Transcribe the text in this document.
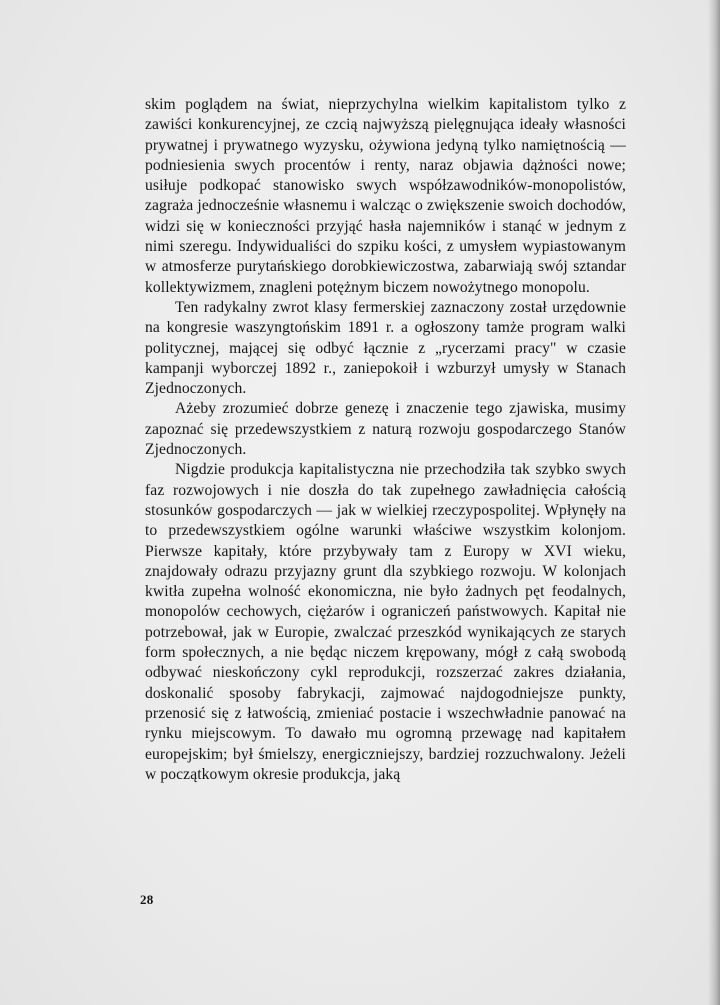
skim poglądem na świat, nieprzychylna wielkim kapitalistom tylko z zawiści konkurencyjnej, ze czcią najwyższą pielęgnująca ideały własności prywatnej i prywatnego wyzysku, ożywiona jedyną tylko namiętnością — podniesienia swych procentów i renty, naraz objawia dążności nowe; usiłuje podkopać stanowisko swych współzawodników-monopolistów, zagraża jednocześnie własnemu i walcząc o zwiększenie swoich dochodów, widzi się w konieczności przyjąć hasła najemników i stanąć w jednym z nimi szeregu. Indywidualiści do szpiku kości, z umysłem wypiastowanym w atmosferze purytańskiego dorobkiewiczostwa, zabarwiają swój sztandar kollektywizmem, znagleni potężnym biczem nowożytnego monopolu.

Ten radykalny zwrot klasy fermerskiej zaznaczony został urzędownie na kongresie waszyngtońskim 1891 r. a ogłoszony tamże program walki politycznej, mającej się odbyć łącznie z „rycerzami pracy" w czasie kampanji wyborczej 1892 r., zaniepokoił i wzburzył umysły w Stanach Zjednoczonych.

Ażeby zrozumieć dobrze genezę i znaczenie tego zjawiska, musimy zapoznać się przedewszystkiem z naturą rozwoju gospodarczego Stanów Zjednoczonych.

Nigdzie produkcja kapitalistyczna nie przechodziła tak szybko swych faz rozwojowych i nie doszła do tak zupełnego zawładnięcia całością stosunków gospodarczych — jak w wielkiej rzeczypospolitej. Wpłynęły na to przedewszystkiem ogólne warunki właściwe wszystkim kolonjom. Pierwsze kapitały, które przybywały tam z Europy w XVI wieku, znajdowały odrazu przyjazny grunt dla szybkiego rozwoju. W kolonjach kwitła zupełna wolność ekonomiczna, nie było żadnych pęt feodalnych, monopolów cechowych, ciężarów i ograniczeń państwowych. Kapitał nie potrzebował, jak w Europie, zwalczać przeszkód wynikających ze starych form społecznych, a nie będąc niczem krępowany, mógł z całą swobodą odbywać nieskończony cykl reprodukcji, rozszerzać zakres działania, doskonalić sposoby fabrykacji, zajmować najdogodniejsze punkty, przenosić się z łatwością, zmieniać postacie i wszechwładnie panować na rynku miejscowym. To dawało mu ogromną przewagę nad kapitałem europejskim; był śmielszy, energiczniejszy, bardziej rozzuchwalony. Jeżeli w początkowym okresie produkcja, jaką

28
